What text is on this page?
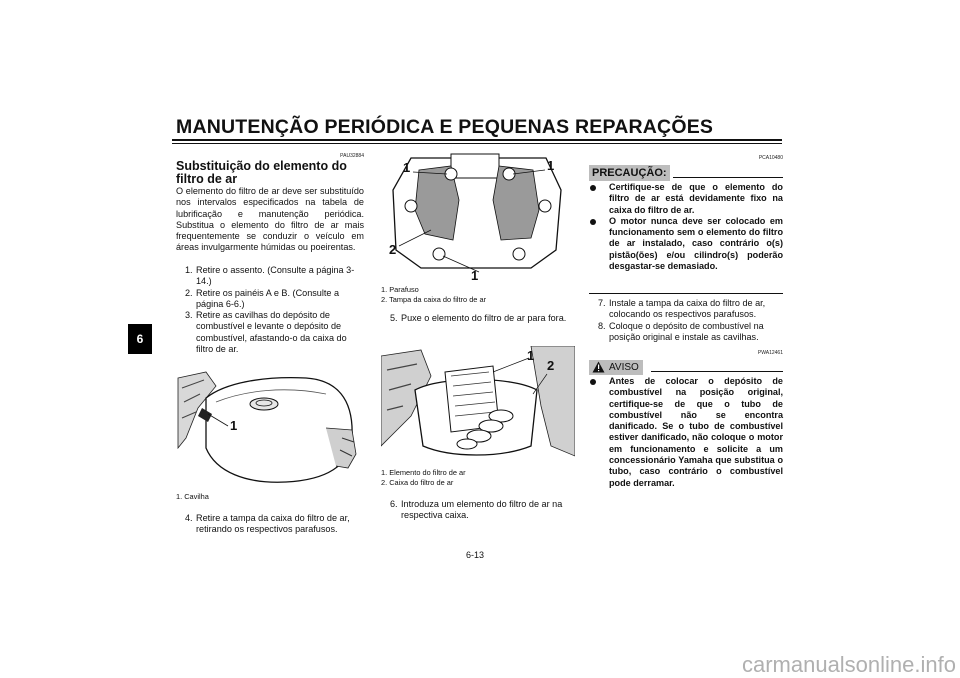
MANUTENÇÃO PERIÓDICA E PEQUENAS REPARAÇÕES
6
PAU32884
Substituição do elemento do filtro de ar
O elemento do filtro de ar deve ser substituído nos intervalos especificados na tabela de lubrificação e manutenção periódica. Substitua o elemento do filtro de ar mais frequentemente se conduzir o veículo em áreas invulgarmente húmidas ou poeirentas.

1. Retire o assento. (Consulte a página 3-14.)

2. Retire os painéis A e B. (Consulte a página 6-6.)

3. Retire as cavilhas do depósito de combustível e levante o depósito de combustível, afastando-o da caixa do filtro de ar.

1
1. Cavilha

4. Retire a tampa da caixa do filtro de ar, retirando os respectivos parafusos.

1	1
2
1
1. Parafuso
2. Tampa da caixa do filtro de ar

5. Puxe o elemento do filtro de ar para fora.

1
2
1. Elemento do filtro de ar
2. Caixa do filtro de ar

6. Introduza um elemento do filtro de ar na respectiva caixa.

PCA10480
PRECAUÇÃO:
Certifique-se de que o elemento do filtro de ar está devidamente fixo na caixa do filtro de ar.
O motor nunca deve ser colocado em funcionamento sem o elemento do filtro de ar instalado, caso contrário o(s) pistão(ões) e/ou cilindro(s) poderão desgastar-se demasiado.

7. Instale a tampa da caixa do filtro de ar, colocando os respectivos parafusos.

8. Coloque o depósito de combustível na posição original e instale as cavilhas.

PWA12461
AVISO
Antes de colocar o depósito de combustível na posição original, certifique-se de que o tubo de combustível não se encontra danificado. Se o tubo de combustível estiver danificado, não coloque o motor em funcionamento e solicite a um concessionário Yamaha que substitua o tubo, caso contrário o combustível pode derramar.
6-13
carmanualsonline.info
